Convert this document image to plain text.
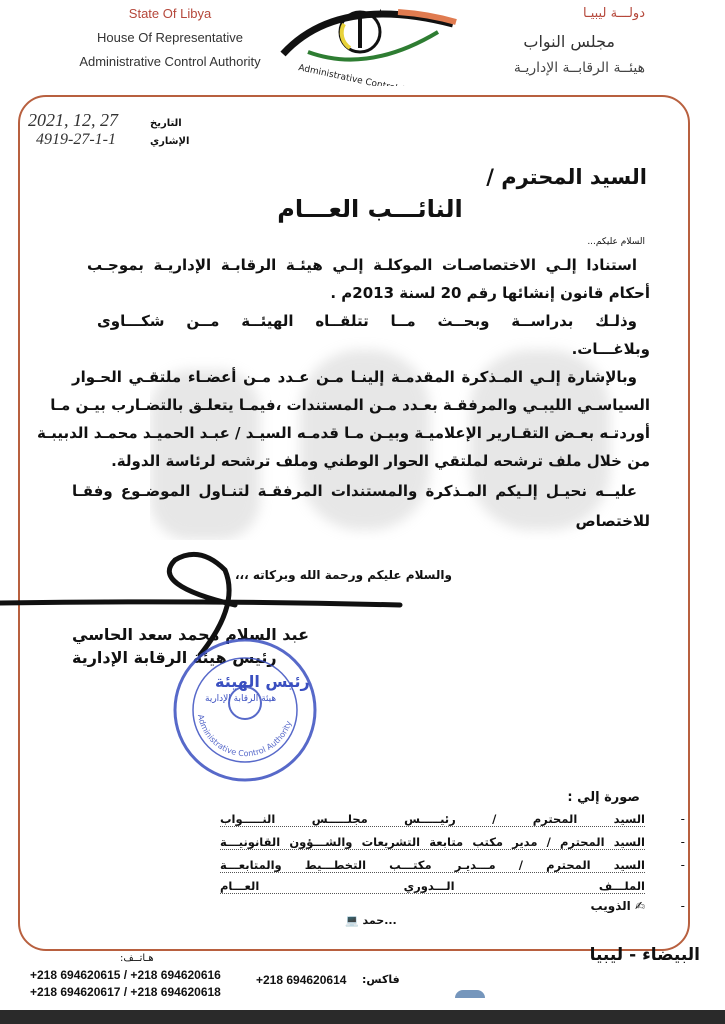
State Of Libya
House Of Representative
Administrative Control Authority
★
Administrative Control Authority
دولـــة ليبيـا
مجلس النواب
هيئــة الرقابــة الإداريـة
التاريخ
2021, 12, 27
الإشاري
4919-27-1-1
السيد المحترم /
النائـــب العـــام
السلام عليكم...
استنادا إلـي الاختصاصـات الموكلـة إلـي هيئـة الرقابـة الإداريـة بموجـب
أحكام قانون إنشائها رقم 20 لسنة 2013م .
وذلـك بدراســة وبحــث مــا تتلقــاه الهيئــة مــن شكـــاوى
وبلاغـــات.
وبالإشارة إلـي المـذكرة المقدمـة إلينـا مـن عـدد مـن أعضـاء ملتقـي الحـوار
السياسـي الليبـي والمرفقـة بعـدد مـن المستندات ،فيمـا يتعلـق بالتضـارب بيـن مـا
أوردتـه بعـض التقـارير الإعلاميـة وبيـن مـا قدمـه السيـد / عبـد الحميـد محمـد الدبيبـة
من خلال ملف ترشحه لملتقي الحوار الوطني وملف ترشحه لرئاسة الدولة.
عليــه نحيـل إلـيكم المـذكرة والمستندات المرفقـة لتنـاول الموضـوع وفقـا
للاختصاص
والسلام عليكم ورحمة الله وبركاته ،،،
عبد السلام محمد سعد الحاسي
رئيس هيئة الرقابة الإدارية
Administrative Control Authority
رئيس الهيئة
هيئة الرقابة الإدارية
صورة إلي :
-
السيد المحترم / رئيـــــس مجلـــــس النـــــواب
-
السيد المحترم / مدير مكتب متابعة التشريعات والشـــؤون القانونيـــة
-
السيد المحترم / مـــديـر مكتـــب التخطـــيط والمتابعـــة
الملـــف الـــدوري العـــام
-
✍ الذويب
...حمد 💻
البيضاء - ليبيا
هـاتــف:
+218 694620615 / +218 694620616
+218 694620617 / +218 694620618
+218 694620614 فاكس:
